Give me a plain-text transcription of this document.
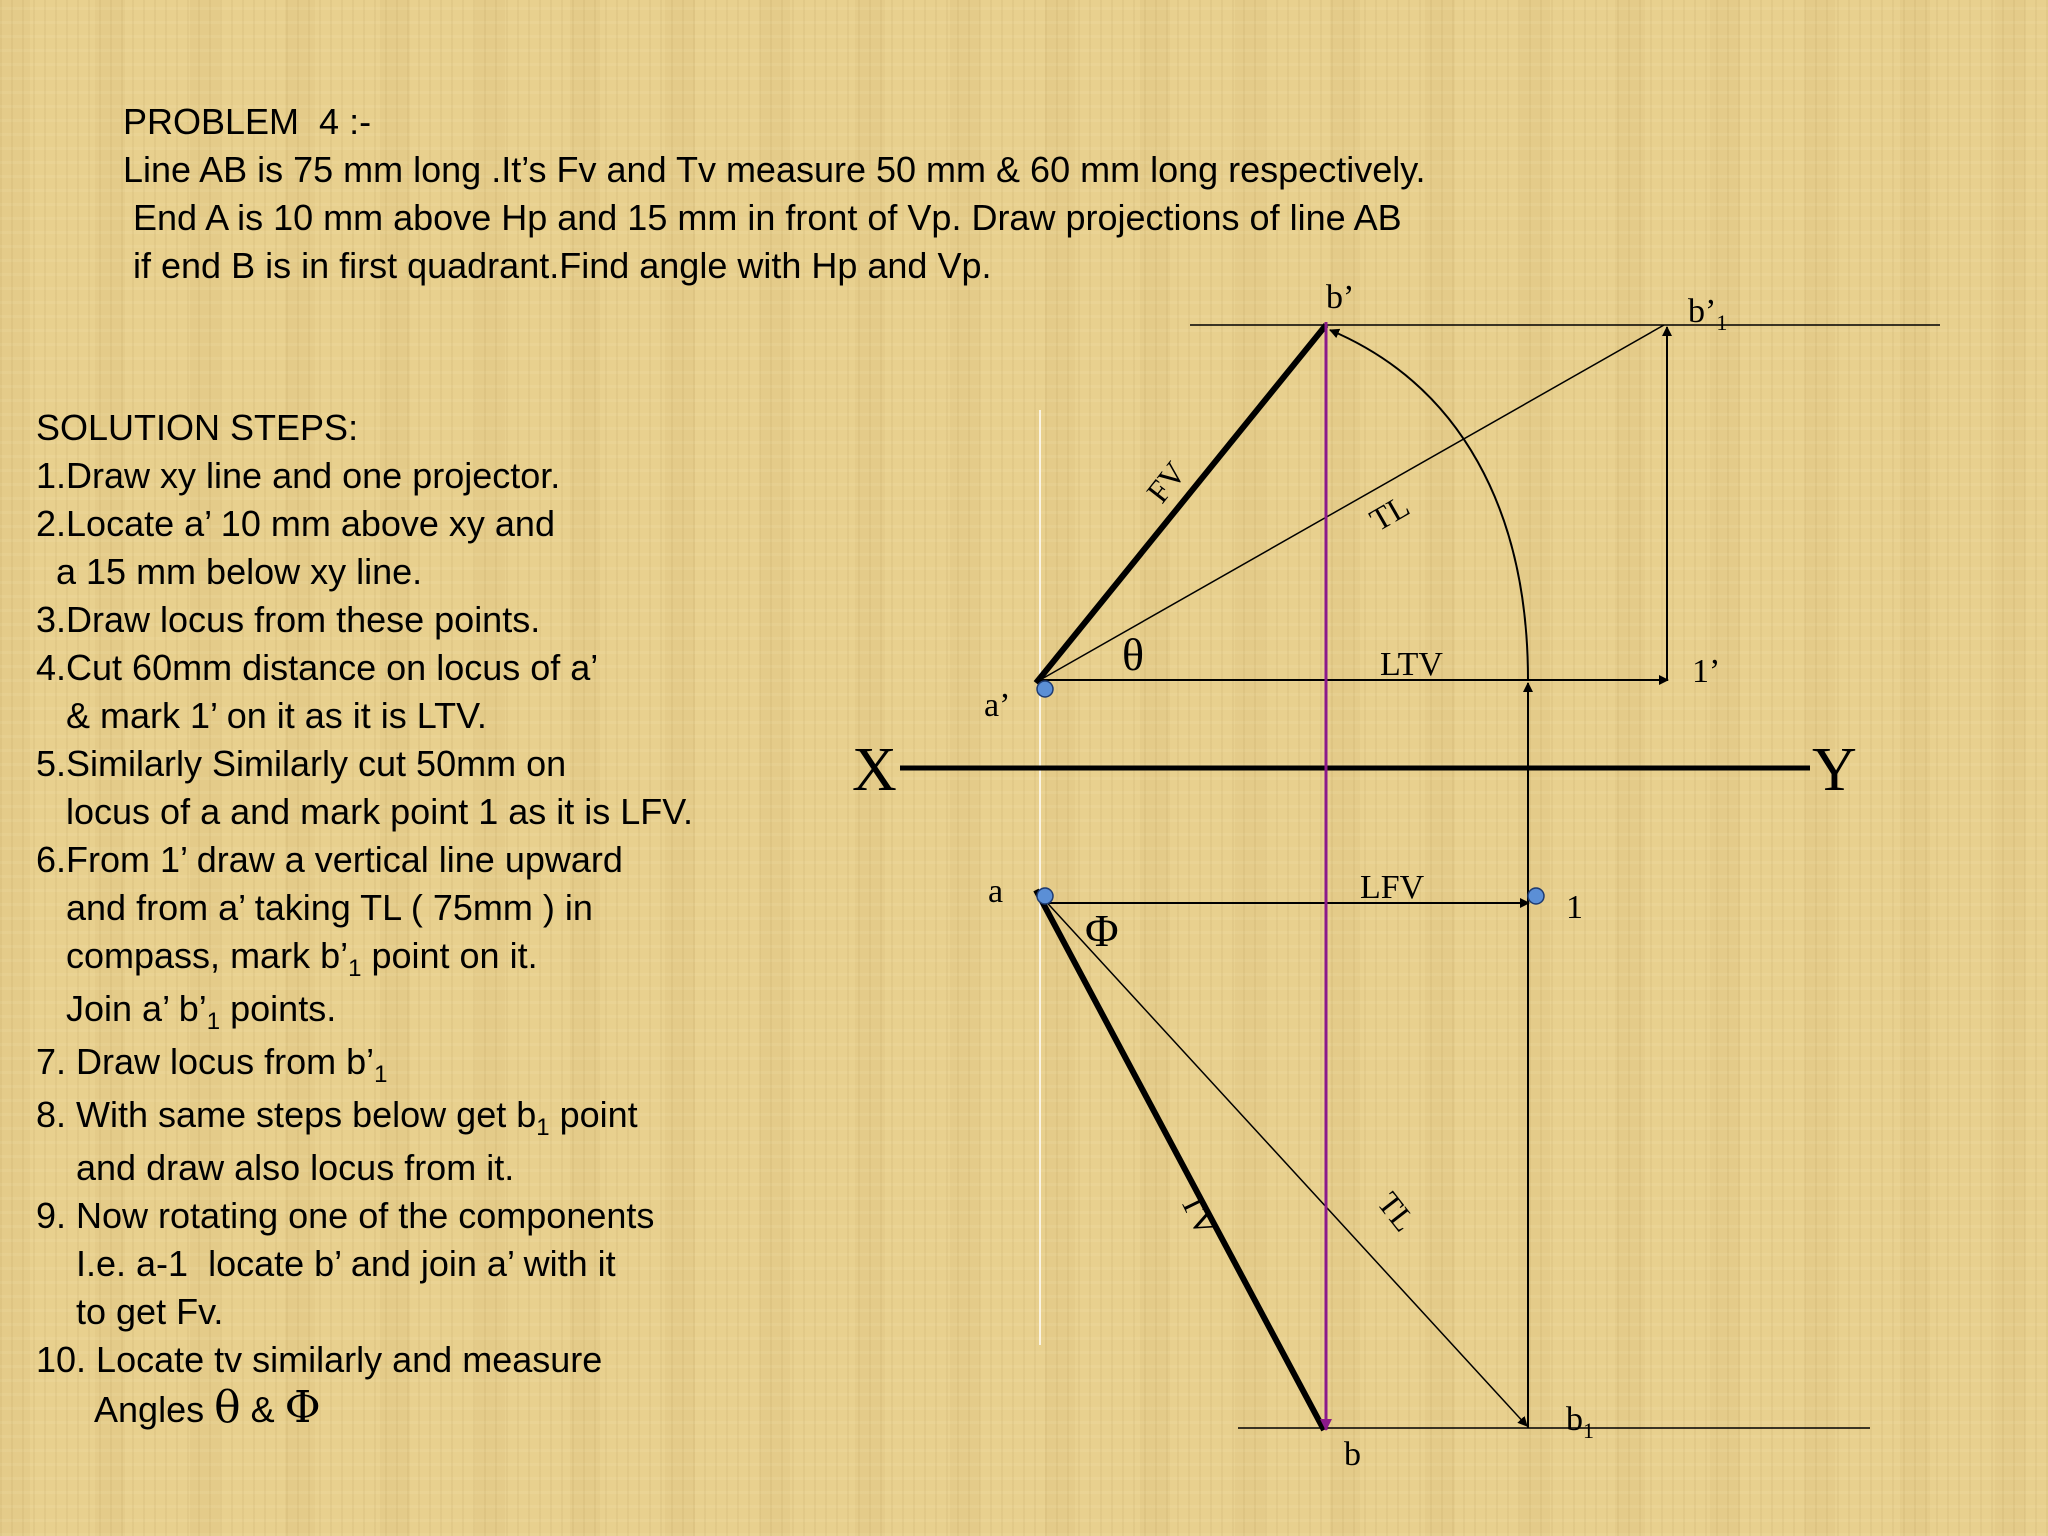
PROBLEM  4 :-
Line AB is 75 mm long .It’s Fv and Tv measure 50 mm & 60 mm long respectively.
End A is 10 mm above Hp and 15 mm in front of Vp. Draw projections of line AB
if end B is in first quadrant.Find angle with Hp and Vp.
SOLUTION STEPS:
1.Draw xy line and one projector.
2.Locate a’ 10 mm above xy and
a 15 mm below xy line.
3.Draw locus from these points.
4.Cut 60mm distance on locus of a’
& mark 1’ on it as it is LTV.
5.Similarly Similarly cut 50mm on
locus of a and mark point 1 as it is LFV.
6.From 1’ draw a vertical line upward
and from a’ taking TL ( 75mm ) in
compass, mark $b’_1$ point on it.
Join a’ $b’_1$ points.
7. Draw locus from $b’_1$
8. With same steps below get $b_1$ point
and draw also locus from it.
9. Now rotating one of the components
I.e. a-1  locate b’ and join a’ with it
to get Fv.
10. Locate tv similarly and measure
Angles θ & Φ
X	Y
b’	$b’_1$
FV
TL
θ	LTV	1’
a’
a	LFV
1
Φ
TV	TL
b
$b_1$
